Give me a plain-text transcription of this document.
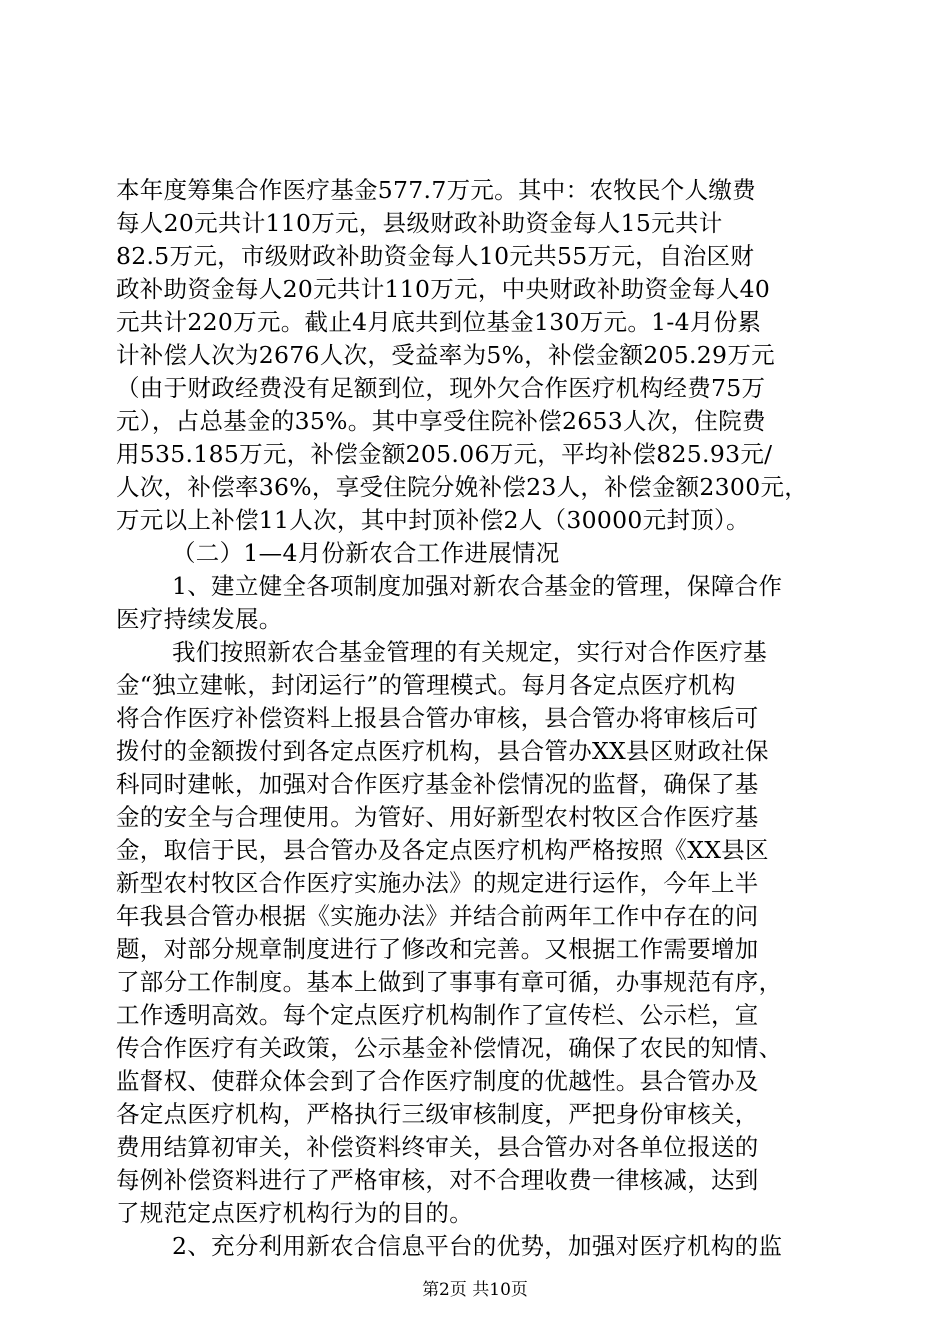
本年度筹集合作医疗基金577.7万元。其中：农牧民个人缴费
每人20元共计110万元，县级财政补助资金每人15元共计
82.5万元，市级财政补助资金每人10元共55万元，自治区财
政补助资金每人20元共计110万元，中央财政补助资金每人40
元共计220万元。截止4月底共到位基金130万元。1-4月份累
计补偿人次为2676人次，受益率为5%，补偿金额205.29万元
（由于财政经费没有足额到位，现外欠合作医疗机构经费75万
元），占总基金的35%。其中享受住院补偿2653人次，住院费
用535.185万元，补偿金额205.06万元，平均补偿825.93元/
人次，补偿率36%，享受住院分娩补偿23人，补偿金额2300元，
万元以上补偿11人次，其中封顶补偿2人（30000元封顶）。
（二）1—4月份新农合工作进展情况
1、建立健全各项制度加强对新农合基金的管理，保障合作
医疗持续发展。
我们按照新农合基金管理的有关规定，实行对合作医疗基
金“独立建帐，封闭运行”的管理模式。每月各定点医疗机构
将合作医疗补偿资料上报县合管办审核，县合管办将审核后可
拨付的金额拨付到各定点医疗机构，县合管办XX县区财政社保
科同时建帐，加强对合作医疗基金补偿情况的监督，确保了基
金的安全与合理使用。为管好、用好新型农村牧区合作医疗基
金，取信于民，县合管办及各定点医疗机构严格按照《XX县区
新型农村牧区合作医疗实施办法》的规定进行运作，今年上半
年我县合管办根据《实施办法》并结合前两年工作中存在的问
题，对部分规章制度进行了修改和完善。又根据工作需要增加
了部分工作制度。基本上做到了事事有章可循，办事规范有序，
工作透明高效。每个定点医疗机构制作了宣传栏、公示栏，宣
传合作医疗有关政策，公示基金补偿情况，确保了农民的知情、
监督权、使群众体会到了合作医疗制度的优越性。县合管办及
各定点医疗机构，严格执行三级审核制度，严把身份审核关，
费用结算初审关，补偿资料终审关，县合管办对各单位报送的
每例补偿资料进行了严格审核，对不合理收费一律核减，达到
了规范定点医疗机构行为的目的。
2、充分利用新农合信息平台的优势，加强对医疗机构的监
第2页 共10页
